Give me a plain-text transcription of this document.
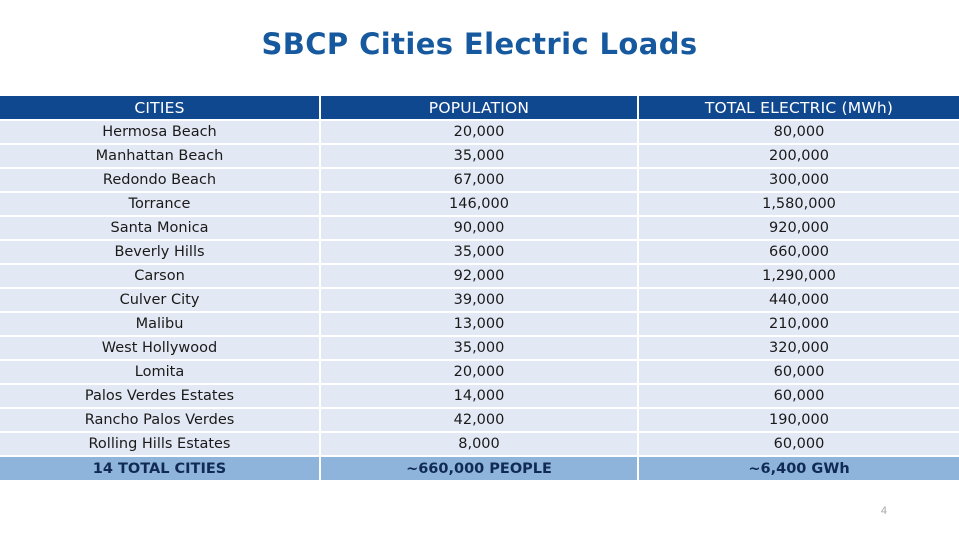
SBCP Cities Electric Loads
CITIES	POPULATION	TOTAL ELECTRIC (MWh)
Hermosa Beach	20,000	80,000
Manhattan Beach	35,000	200,000
Redondo Beach	67,000	300,000
Torrance	146,000	1,580,000
Santa Monica	90,000	920,000
Beverly Hills	35,000	660,000
Carson	92,000	1,290,000
Culver City	39,000	440,000
Malibu	13,000	210,000
West Hollywood	35,000	320,000
Lomita	20,000	60,000
Palos Verdes Estates	14,000	60,000
Rancho Palos Verdes	42,000	190,000
Rolling Hills Estates	8,000	60,000
14 TOTAL CITIES	~660,000 PEOPLE	~6,400 GWh
4
